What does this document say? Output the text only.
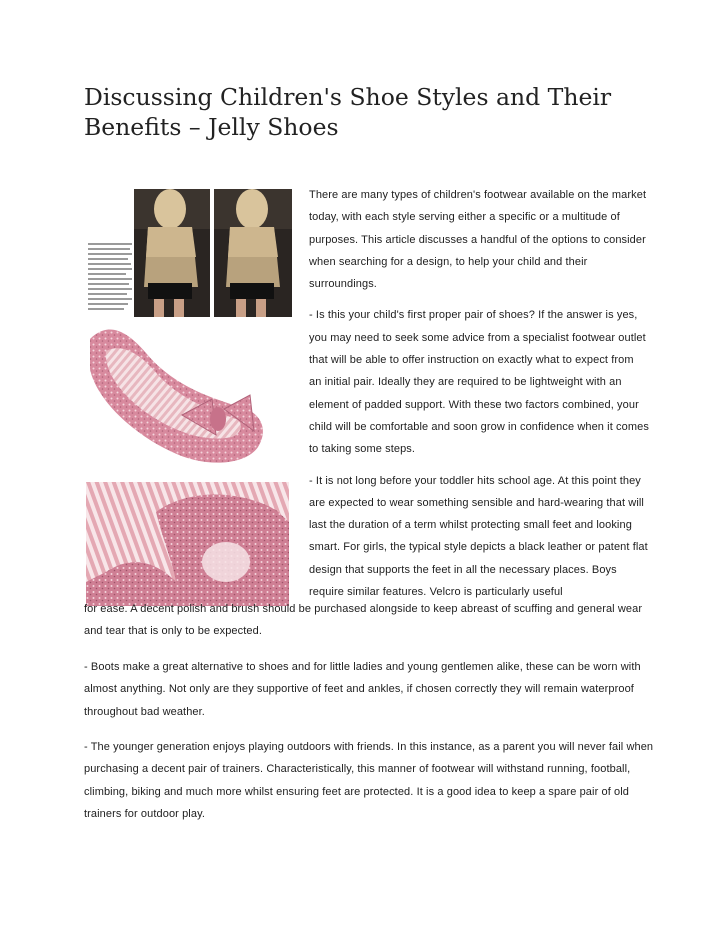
Discussing Children's Shoe Styles and Their Benefits – Jelly Shoes

There are many types of children's footwear available on the market today, with each style serving either a specific or a multitude of purposes. This article discusses a handful of the options to consider when searching for a design, to help your child and their surroundings.

- Is this your child's first proper pair of shoes? If the answer is yes, you may need to seek some advice from a specialist footwear outlet that will be able to offer instruction on exactly what to expect from an initial pair. Ideally they are required to be lightweight with an element of padded support. With these two factors combined, your child will be comfortable and soon grow in confidence when it comes to taking some steps.

- It is not long before your toddler hits school age. At this point they are expected to wear something sensible and hard-wearing that will last the duration of a term whilst protecting small feet and looking smart. For girls, the typical style depicts a black leather or patent flat design that supports the feet in all the necessary places. Boys require similar features. Velcro is particularly useful

for ease. A decent polish and brush should be purchased alongside to keep abreast of scuffing and general wear and tear that is only to be expected.

- Boots make a great alternative to shoes and for little ladies and young gentlemen alike, these can be worn with almost anything. Not only are they supportive of feet and ankles, if chosen correctly they will remain waterproof throughout bad weather.

- The younger generation enjoys playing outdoors with friends. In this instance, as a parent you will never fail when purchasing a decent pair of trainers. Characteristically, this manner of footwear will withstand running, football, climbing, biking and much more whilst ensuring feet are protected. It is a good idea to keep a spare pair of old trainers for outdoor play.
